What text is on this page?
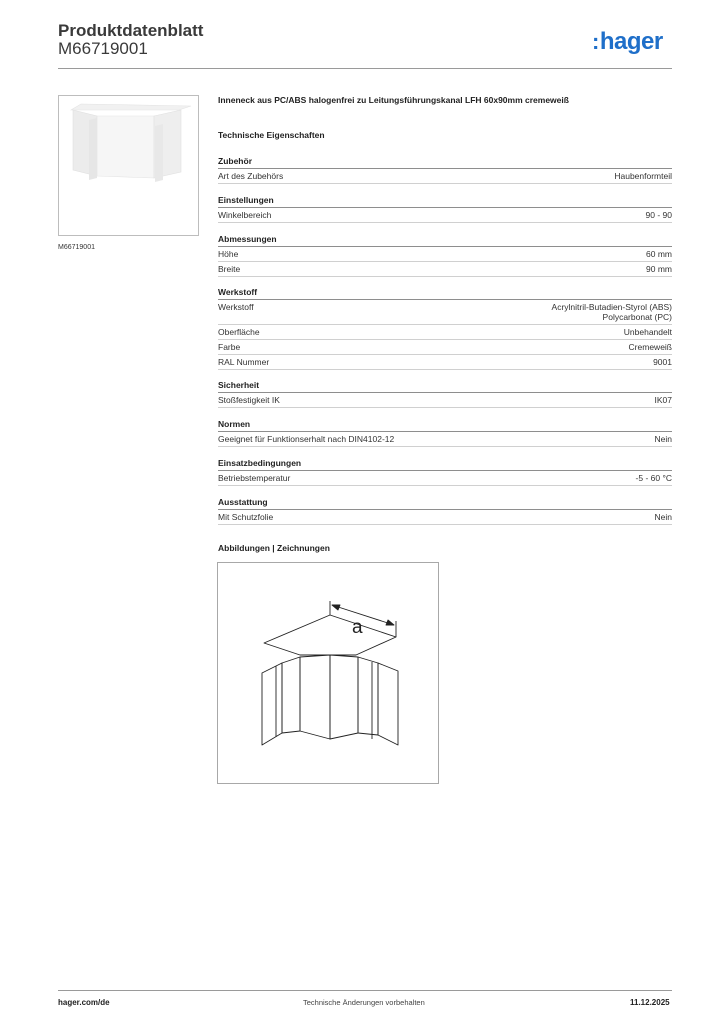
Produktdatenblatt
M66719001	:hager
M66719001
Inneneck aus PC/ABS halogenfrei zu Leitungsführungskanal LFH 60x90mm cremeweiß
Technische Eigenschaften
Zubehör
Art des Zubehörs	Haubenformteil
Einstellungen
Winkelbereich	90 - 90
Abmessungen
Höhe	60 mm
Breite	90 mm
Werkstoff
Werkstoff	Acrylnitril-Butadien-Styrol (ABS)
Polycarbonat (PC)
Oberfläche	Unbehandelt
Farbe	Cremeweiß
RAL Nummer	9001
Sicherheit
Stoßfestigkeit IK	IK07
Normen
Geeignet für Funktionserhalt nach DIN4102-12	Nein
Einsatzbedingungen
Betriebstemperatur	-5 - 60 °C
Ausstattung
Mit Schutzfolie	Nein
Abbildungen | Zeichnungen
a
hager.com/de	Technische Änderungen vorbehalten	11.12.2025
